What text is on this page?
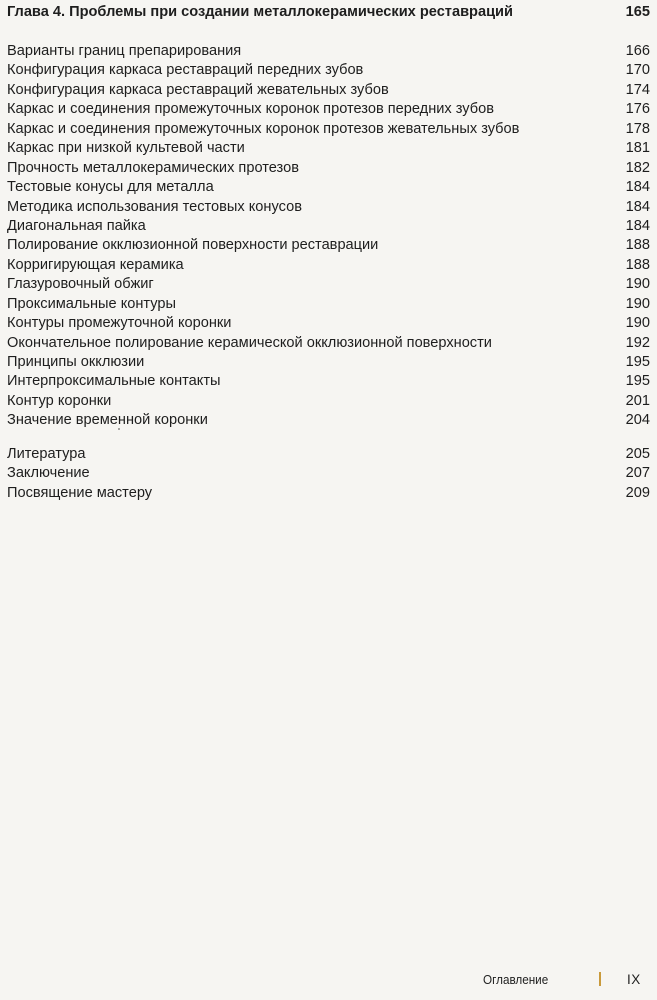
Глава 4. Проблемы при создании металлокерамических реставраций	165
Варианты границ препарирования	166
Конфигурация каркаса реставраций передних зубов	170
Конфигурация каркаса реставраций жевательных зубов	174
Каркас и соединения промежуточных коронок протезов передних зубов	176
Каркас и соединения промежуточных коронок протезов жевательных зубов	178
Каркас при низкой культевой части	181
Прочность металлокерамических протезов	182
Тестовые конусы для металла	184
Методика использования тестовых конусов	184
Диагональная пайка	184
Полирование окклюзионной поверхности реставрации	188
Корригирующая керамика	188
Глазуровочный обжиг	190
Проксимальные контуры	190
Контуры промежуточной коронки	190
Окончательное полирование керамической окклюзионной поверхности	192
Принципы окклюзии	195
Интерпроксимальные контакты	195
Контур коронки	201
Значение временной коронки	204
Литература	205
Заключение	207
Посвящение мастеру	209
Оглавление	IX
